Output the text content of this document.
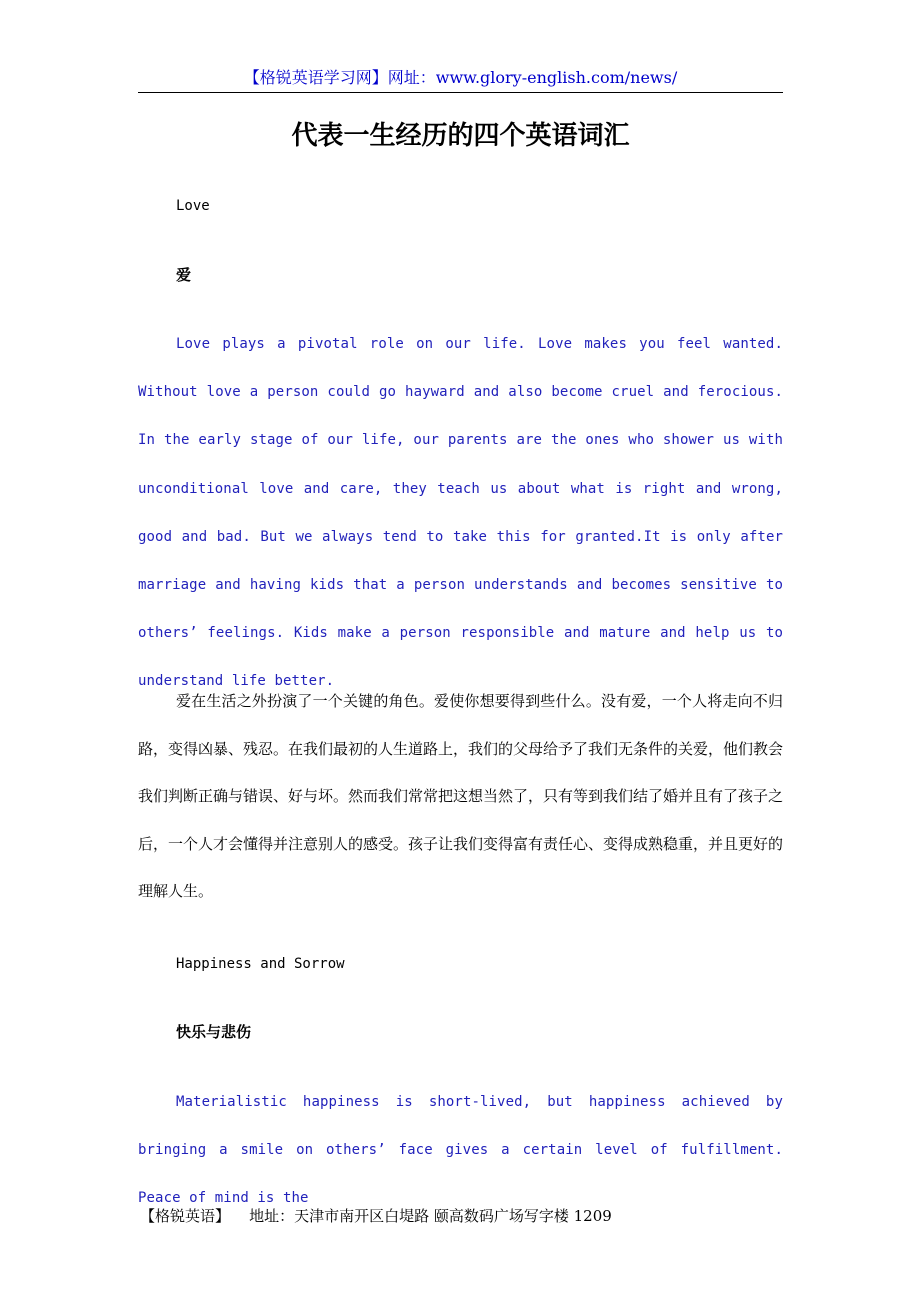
【格锐英语学习网】网址：www.glory-english.com/news/
代表一生经历的四个英语词汇
Love
爱

Love plays a pivotal role on our life. Love makes you feel wanted. Without love a person could go hayward and also become cruel and ferocious. In the early stage of our life, our parents are the ones who shower us with unconditional love and care, they teach us about what is right and wrong, good and bad. But we always tend to take this for granted.It is only after marriage and having kids that a person understands and becomes sensitive to others’ feelings. Kids make a person responsible and mature and help us to understand life better.

爱在生活之外扮演了一个关键的角色。爱使你想要得到些什么。没有爱，一个人将走向不归路，变得凶暴、残忍。在我们最初的人生道路上，我们的父母给予了我们无条件的关爱，他们教会我们判断正确与错误、好与坏。然而我们常常把这想当然了，只有等到我们结了婚并且有了孩子之后，一个人才会懂得并注意别人的感受。孩子让我们变得富有责任心、变得成熟稳重，并且更好的理解人生。

Happiness and Sorrow
快乐与悲伤

Materialistic happiness is short-lived, but happiness achieved by bringing a smile on others’ face gives a certain level of fulfillment. Peace of mind is the

【格锐英语】 地址：天津市南开区白堤路 颐高数码广场写字楼 1209
